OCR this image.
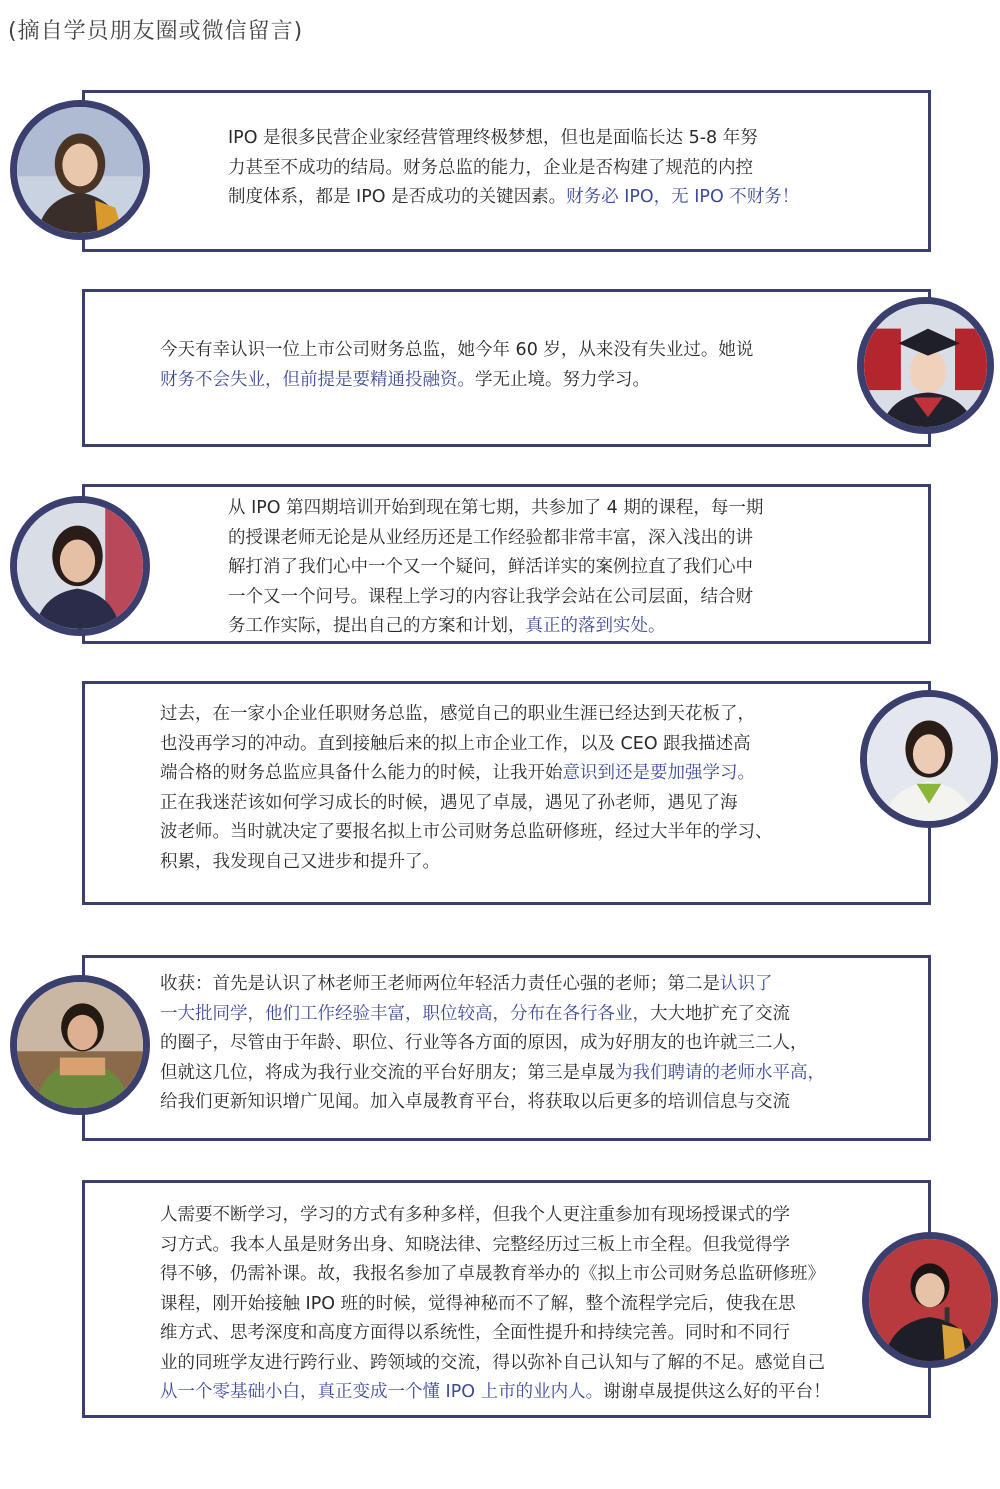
(摘自学员朋友圈或微信留言)
IPO 是很多民营企业家经营管理终极梦想，但也是面临长达 5-8 年努
力甚至不成功的结局。财务总监的能力，企业是否构建了规范的内控
制度体系，都是 IPO 是否成功的关键因素。财务必 IPO，无 IPO 不财务！
今天有幸认识一位上市公司财务总监，她今年 60 岁，从来没有失业过。她说
财务不会失业，但前提是要精通投融资。学无止境。努力学习。
从 IPO 第四期培训开始到现在第七期，共参加了 4 期的课程，每一期
的授课老师无论是从业经历还是工作经验都非常丰富，深入浅出的讲
解打消了我们心中一个又一个疑问，鲜活详实的案例拉直了我们心中
一个又一个问号。课程上学习的内容让我学会站在公司层面，结合财
务工作实际，提出自己的方案和计划，真正的落到实处。
过去，在一家小企业任职财务总监，感觉自己的职业生涯已经达到天花板了，
也没再学习的冲动。直到接触后来的拟上市企业工作，以及 CEO 跟我描述高
端合格的财务总监应具备什么能力的时候，让我开始意识到还是要加强学习。
正在我迷茫该如何学习成长的时候，遇见了卓晟，遇见了孙老师，遇见了海
波老师。当时就决定了要报名拟上市公司财务总监研修班，经过大半年的学习、
积累，我发现自己又进步和提升了。
收获：首先是认识了林老师王老师两位年轻活力责任心强的老师；第二是认识了
一大批同学，他们工作经验丰富，职位较高，分布在各行各业，大大地扩充了交流
的圈子，尽管由于年龄、职位、行业等各方面的原因，成为好朋友的也许就三二人，
但就这几位，将成为我行业交流的平台好朋友；第三是卓晟为我们聘请的老师水平高，
给我们更新知识增广见闻。加入卓晟教育平台，将获取以后更多的培训信息与交流
人需要不断学习，学习的方式有多种多样，但我个人更注重参加有现场授课式的学
习方式。我本人虽是财务出身、知晓法律、完整经历过三板上市全程。但我觉得学
得不够，仍需补课。故，我报名参加了卓晟教育举办的《拟上市公司财务总监研修班》
课程，刚开始接触 IPO 班的时候，觉得神秘而不了解，整个流程学完后，使我在思
维方式、思考深度和高度方面得以系统性，全面性提升和持续完善。同时和不同行
业的同班学友进行跨行业、跨领域的交流，得以弥补自己认知与了解的不足。感觉自己
从一个零基础小白，真正变成一个懂 IPO 上市的业内人。谢谢卓晟提供这么好的平台！
